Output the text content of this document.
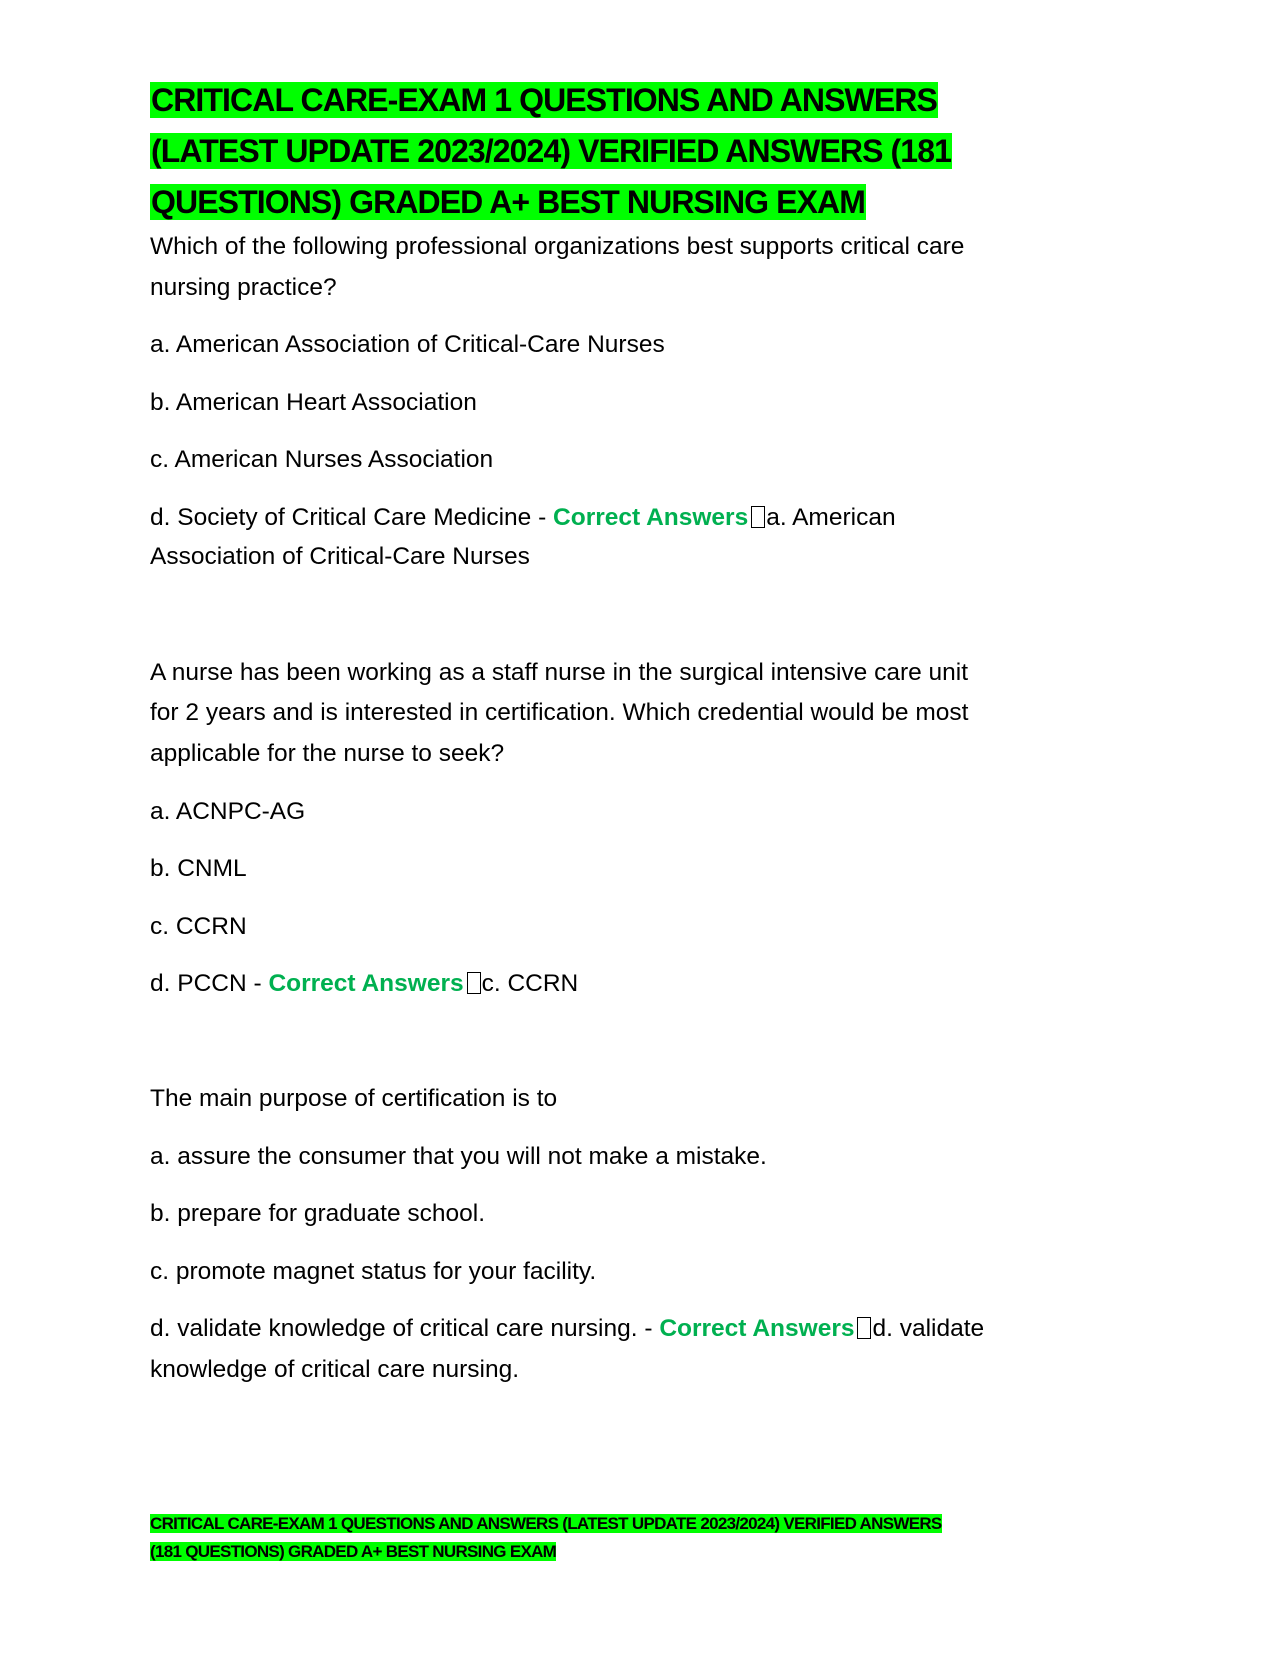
CRITICAL CARE-EXAM 1 QUESTIONS AND ANSWERS
(LATEST UPDATE 2023/2024) VERIFIED ANSWERS (181
QUESTIONS) GRADED A+ BEST NURSING EXAM
Which of the following professional organizations best supports critical care
nursing practice?
a. American Association of Critical-Care Nurses
b. American Heart Association
c. American Nurses Association
d. Society of Critical Care Medicine - Correct Answers a. American
Association of Critical-Care Nurses
A nurse has been working as a staff nurse in the surgical intensive care unit
for 2 years and is interested in certification. Which credential would be most
applicable for the nurse to seek?
a. ACNPC-AG
b. CNML
c. CCRN
d. PCCN - Correct Answers c. CCRN
The main purpose of certification is to
a. assure the consumer that you will not make a mistake.
b. prepare for graduate school.
c. promote magnet status for your facility.
d. validate knowledge of critical care nursing. - Correct Answers d. validate
knowledge of critical care nursing.
CRITICAL CARE-EXAM 1 QUESTIONS AND ANSWERS (LATEST UPDATE 2023/2024) VERIFIED ANSWERS
(181 QUESTIONS) GRADED A+ BEST NURSING EXAM
